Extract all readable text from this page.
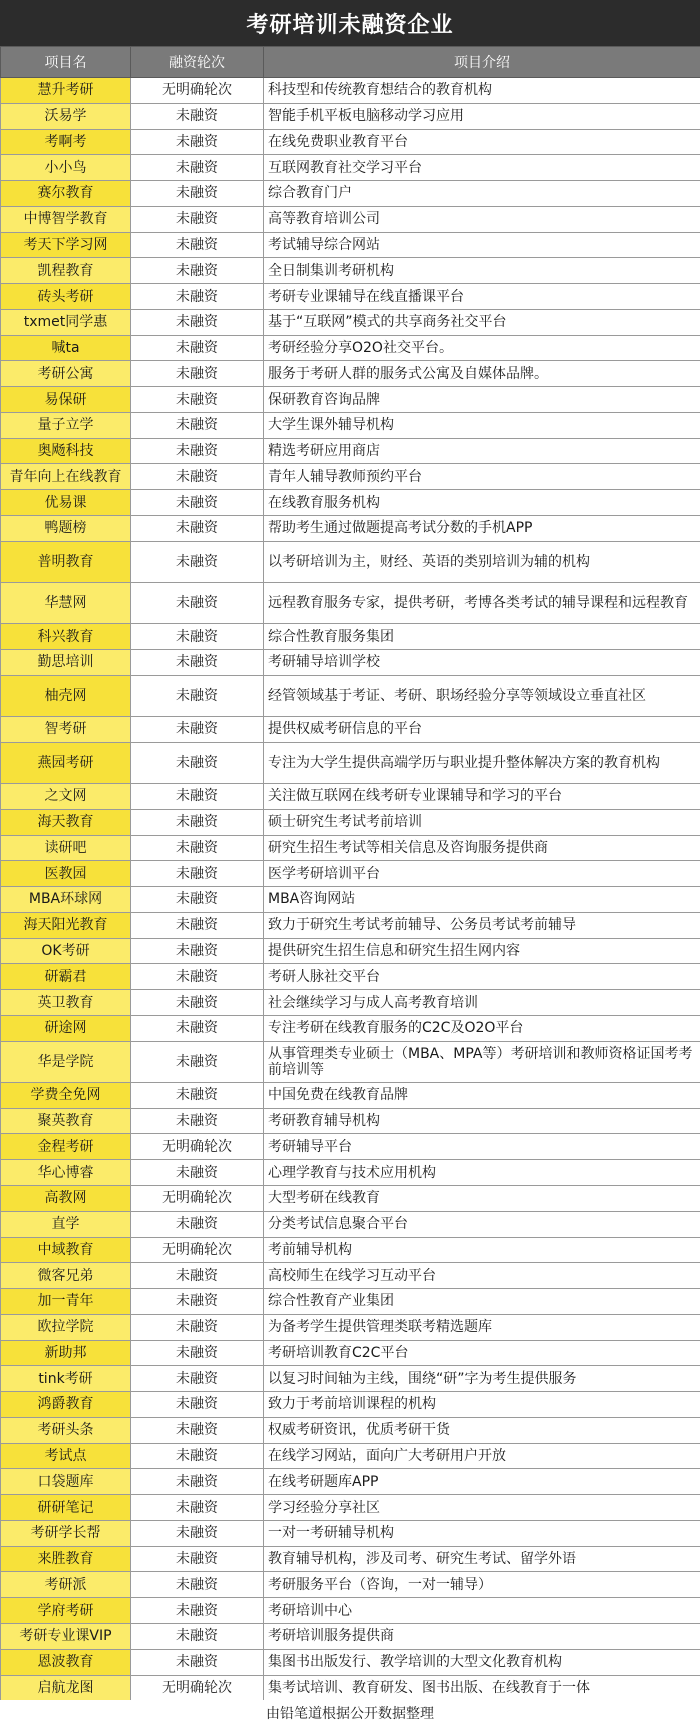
考研培训未融资企业
项目名	融资轮次	项目介绍
慧升考研	无明确轮次	科技型和传统教育想结合的教育机构
沃易学	未融资	智能手机平板电脑移动学习应用
考啊考	未融资	在线免费职业教育平台
小小鸟	未融资	互联网教育社交学习平台
赛尔教育	未融资	综合教育门户
中博智学教育	未融资	高等教育培训公司
考天下学习网	未融资	考试辅导综合网站
凯程教育	未融资	全日制集训考研机构
砖头考研	未融资	考研专业课辅导在线直播课平台
txmet同学惠	未融资	基于“互联网”模式的共享商务社交平台
喊ta	未融资	考研经验分享O2O社交平台。
考研公寓	未融资	服务于考研人群的服务式公寓及自媒体品牌。
易保研	未融资	保研教育咨询品牌
量子立学	未融资	大学生课外辅导机构
奥飏科技	未融资	精选考研应用商店
青年向上在线教育	未融资	青年人辅导教师预约平台
优易课	未融资	在线教育服务机构
鸭题榜	未融资	帮助考生通过做题提高考试分数的手机APP
普明教育	未融资	以考研培训为主，财经、英语的类别培训为辅的机构
华慧网	未融资	远程教育服务专家，提供考研，考博各类考试的辅导课程和远程教育
科兴教育	未融资	综合性教育服务集团
勤思培训	未融资	考研辅导培训学校
柚壳网	未融资	经管领域基于考证、考研、职场经验分享等领域设立垂直社区
智考研	未融资	提供权威考研信息的平台
燕园考研	未融资	专注为大学生提供高端学历与职业提升整体解决方案的教育机构
之文网	未融资	关注做互联网在线考研专业课辅导和学习的平台
海天教育	未融资	硕士研究生考试考前培训
读研吧	未融资	研究生招生考试等相关信息及咨询服务提供商
医教园	未融资	医学考研培训平台
MBA环球网	未融资	MBA咨询网站
海天阳光教育	未融资	致力于研究生考试考前辅导、公务员考试考前辅导
OK考研	未融资	提供研究生招生信息和研究生招生网内容
研霸君	未融资	考研人脉社交平台
英卫教育	未融资	社会继续学习与成人高考教育培训
研途网	未融资	专注考研在线教育服务的C2C及O2O平台
华是学院	未融资	从事管理类专业硕士（MBA、MPA等）考研培训和教师资格证国考考前培训等
学费全免网	未融资	中国免费在线教育品牌
聚英教育	未融资	考研教育辅导机构
金程考研	无明确轮次	考研辅导平台
华心博睿	未融资	心理学教育与技术应用机构
高教网	无明确轮次	大型考研在线教育
直学	未融资	分类考试信息聚合平台
中域教育	无明确轮次	考前辅导机构
微客兄弟	未融资	高校师生在线学习互动平台
加一青年	未融资	综合性教育产业集团
欧拉学院	未融资	为备考学生提供管理类联考精选题库
新助邦	未融资	考研培训教育C2C平台
tink考研	未融资	以复习时间轴为主线，围绕“研”字为考生提供服务
鸿爵教育	未融资	致力于考前培训课程的机构
考研头条	未融资	权威考研资讯，优质考研干货
考试点	未融资	在线学习网站，面向广大考研用户开放
口袋题库	未融资	在线考研题库APP
研研笔记	未融资	学习经验分享社区
考研学长帮	未融资	一对一考研辅导机构
来胜教育	未融资	教育辅导机构，涉及司考、研究生考试、留学外语
考研派	未融资	考研服务平台（咨询，一对一辅导）
学府考研	未融资	考研培训中心
考研专业课VIP	未融资	考研培训服务提供商
恩波教育	未融资	集图书出版发行、教学培训的大型文化教育机构
启航龙图	无明确轮次	集考试培训、教育研发、图书出版、在线教育于一体
由铅笔道根据公开数据整理
